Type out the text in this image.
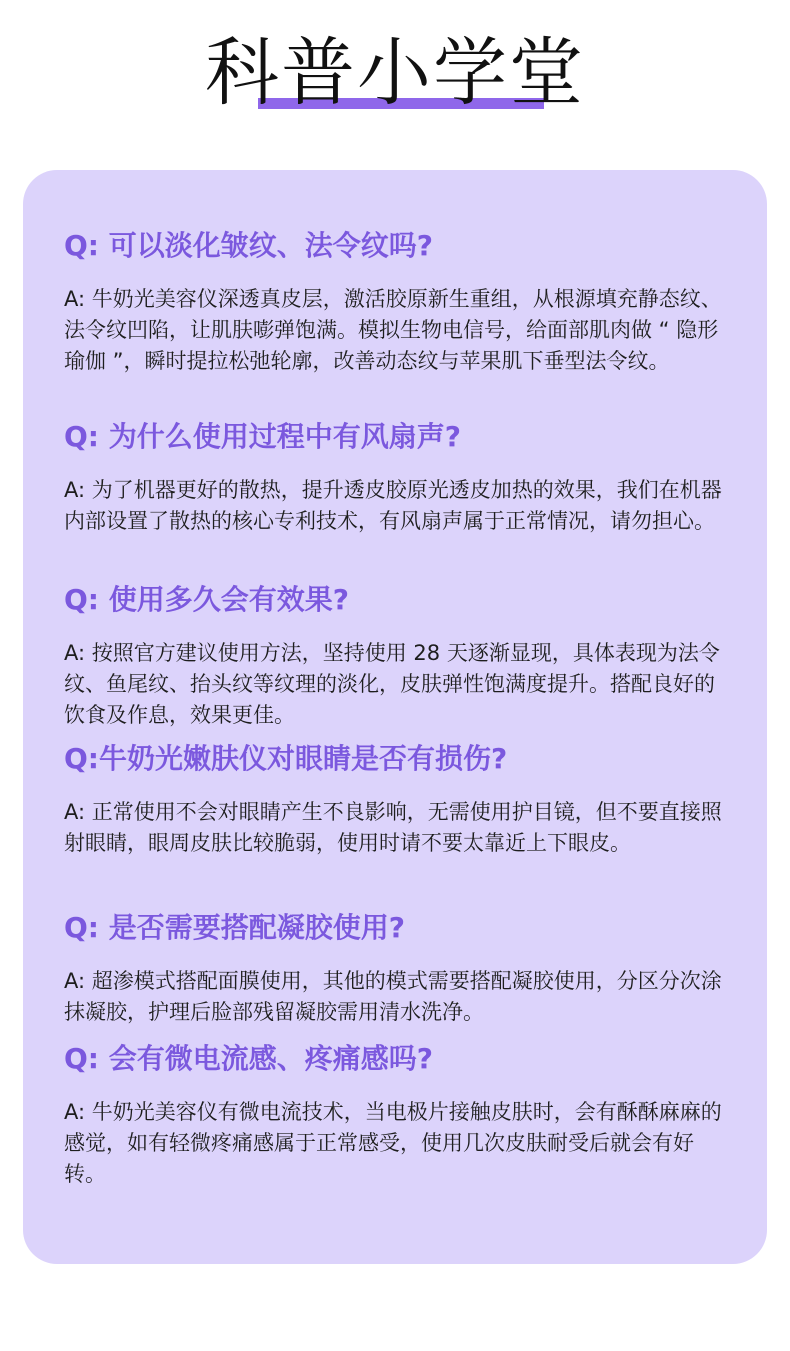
科普小学堂

Q: 可以淡化皱纹、法令纹吗?

A: 牛奶光美容仪深透真皮层，激活胶原新生重组，从根源填充静态纹、法令纹凹陷，让肌肤嘭弹饱满。模拟生物电信号，给面部肌肉做 “ 隐形瑜伽 ”，瞬时提拉松弛轮廓，改善动态纹与苹果肌下垂型法令纹。

Q: 为什么使用过程中有风扇声?

A: 为了机器更好的散热，提升透皮胶原光透皮加热的效果，我们在机器内部设置了散热的核心专利技术，有风扇声属于正常情况，请勿担心。

Q: 使用多久会有效果?

A: 按照官方建议使用方法，坚持使用 28 天逐渐显现，具体表现为法令纹、鱼尾纹、抬头纹等纹理的淡化，皮肤弹性饱满度提升。搭配良好的饮食及作息，效果更佳。

Q:牛奶光嫩肤仪对眼睛是否有损伤?

A: 正常使用不会对眼睛产生不良影响，无需使用护目镜，但不要直接照射眼睛，眼周皮肤比较脆弱，使用时请不要太靠近上下眼皮。

Q: 是否需要搭配凝胶使用?

A: 超渗模式搭配面膜使用，其他的模式需要搭配凝胶使用，分区分次涂抹凝胶，护理后脸部残留凝胶需用清水洗净。

Q: 会有微电流感、疼痛感吗?

A: 牛奶光美容仪有微电流技术，当电极片接触皮肤时，会有酥酥麻麻的感觉，如有轻微疼痛感属于正常感受，使用几次皮肤耐受后就会有好转。
